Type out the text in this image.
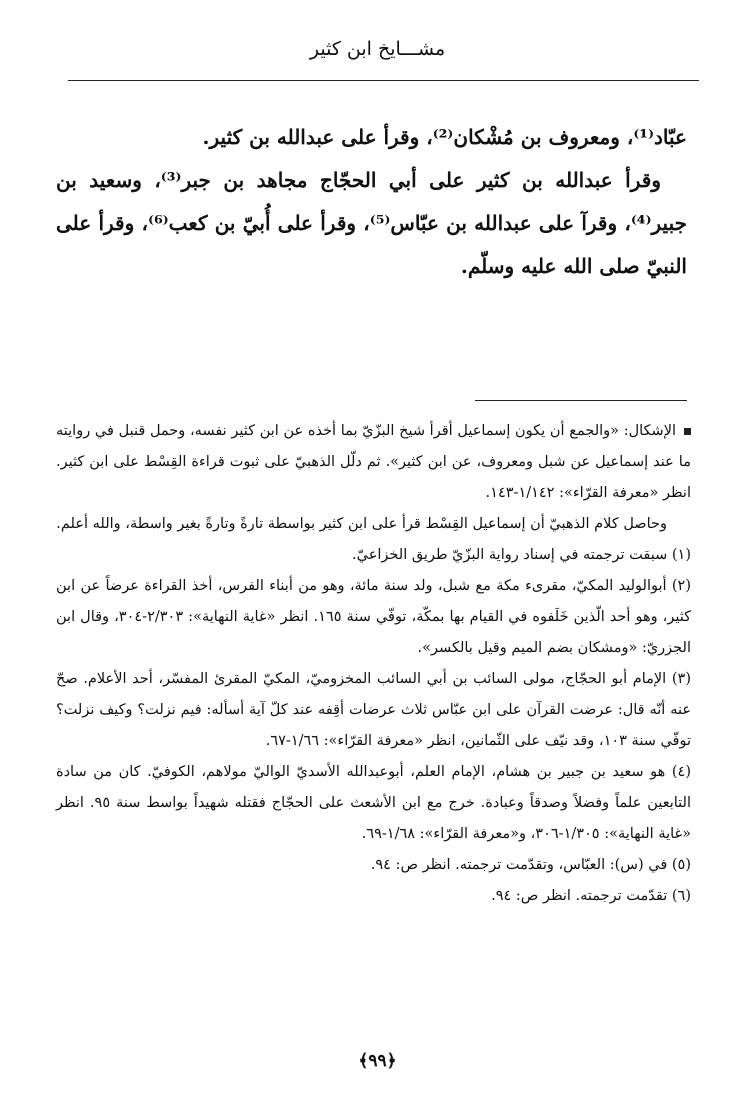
مشـــايخ ابن كثير

عبّاد⁽¹⁾، ومعروف بن مُشْكان⁽²⁾، وقرأ على عبدالله بن كثير.

وقرأ عبدالله بن كثير على أبي الحجّاج مجاهد بن جبر⁽³⁾، وسعيد بن جبير⁽⁴⁾، وقرآ على عبدالله بن عبّاس⁽⁵⁾، وقرأ على أُبيّ بن كعب⁽⁶⁾، وقرأ على النبيّ صلى الله عليه وسلّم.

الإشكال: «والجمع أن يكون إسماعيل أقرأ شيخ البزّيّ بما أخذه عن ابن كثير نفسه، وحمل قنبل في روايته ما عند إسماعيل عن شبل ومعروف، عن ابن كثير». ثم دلّل الذهبيّ على ثبوت قراءة القِسْط على ابن كثير. انظر «معرفة القرّاء»: ١/١٤٢-١٤٣.

وحاصل كلام الذهبيّ أن إسماعيل القِسْط قرأ على ابن كثير بواسطة تارةً وتارةً بغير واسطة، والله أعلم.

(١) سبقت ترجمته في إسناد رواية البزّيّ طريق الخزاعيّ.

(٢) أبوالوليد المكيّ، مقرىء مكة مع شبل، ولد سنة مائة، وهو من أبناء الفرس، أخذ القراءة عرضاً عن ابن كثير، وهو أحد الّذين خَلَفوه في القيام بها بمكّة، توفّي سنة ١٦٥. انظر «غاية النهاية»: ٢/٣٠٣-٣٠٤، وقال ابن الجزريّ: «ومشكان بضم الميم وقيل بالكسر».

(٣) الإمام أبو الحجّاج، مولى السائب بن أبي السائب المخزوميّ، المكيّ المقرئ المفسّر، أحد الأعلام. صحّ عنه أنّه قال: عرضت القرآن على ابن عبّاس ثلاث عرضات أقِفه عند كلّ آية أسأله: فيم نزلت؟ وكيف نزلت؟ توفّي سنة ١٠٣، وقد نيّف على الثّمانين، انظر «معرفة القرّاء»: ١/٦٦-٦٧.

(٤) هو سعيد بن جبير بن هشام، الإمام العلم، أبوعبدالله الأسديّ الواليّ مولاهم، الكوفيّ. كان من سادة التابعين علماً وفضلاً وصدقاً وعبادة. خرج مع ابن الأشعث على الحجّاج فقتله شهيداً بواسط سنة ٩٥. انظر «غاية النهاية»: ١/٣٠٥-٣٠٦، و«معرفة القرّاء»: ١/٦٨-٦٩.

(٥) في (س): العبّاس، وتقدّمت ترجمته. انظر ص: ٩٤.

(٦) تقدّمت ترجمته. انظر ص: ٩٤.

﴿٩٩﴾
